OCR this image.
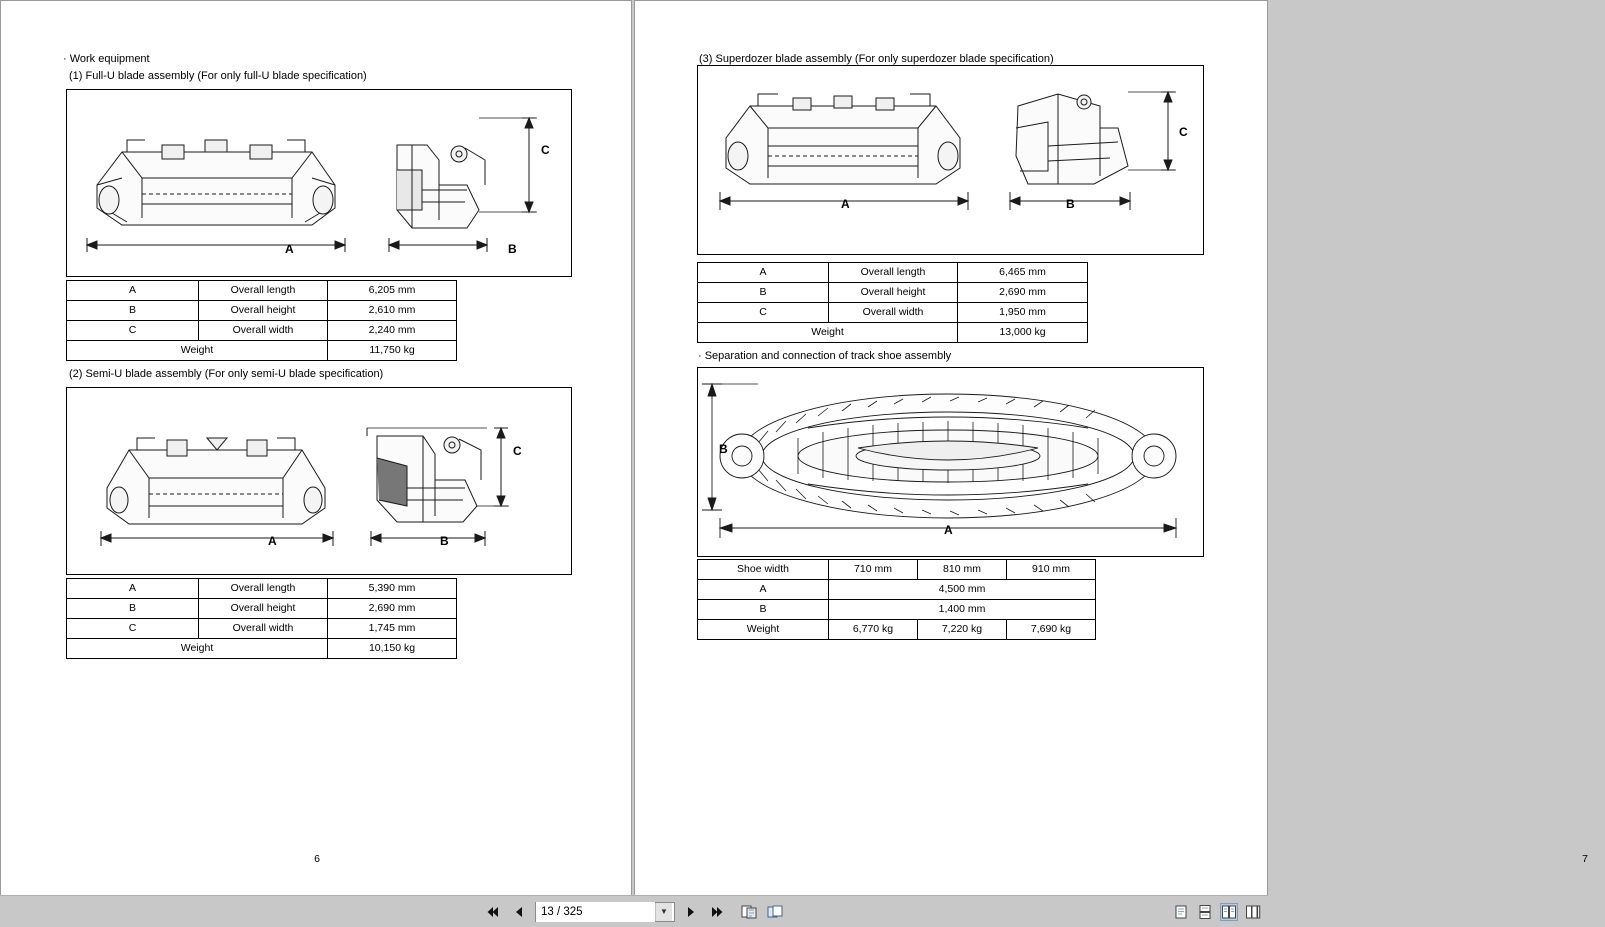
· Work equipment
(1) Full-U blade assembly (For only full-U blade specification)
A	B
C
A	Overall length	6,205 mm
B	Overall height	2,610 mm
C	Overall width	2,240 mm
Weight		11,750 kg
(2) Semi-U blade assembly (For only semi-U blade specification)
A	B
C
A	Overall length	5,390 mm
B	Overall height	2,690 mm
C	Overall width	1,745 mm
Weight		10,150 kg
6
(3) Superdozer blade assembly (For only superdozer blade specification)
A	B
C
A	Overall length	6,465 mm
B	Overall height	2,690 mm
C	Overall width	1,950 mm
Weight		13,000 kg
· Separation and connection of track shoe assembly
A
B
Shoe width	710 mm	810 mm	910 mm
A	4,500 mm		
B	1,400 mm		
Weight	6,770 kg	7,220 kg	7,690 kg
7
13 / 325
▼
